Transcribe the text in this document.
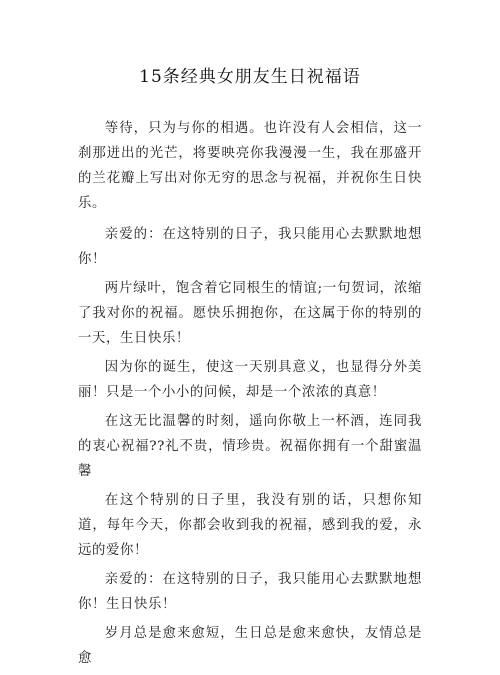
15条经典女朋友生日祝福语

等待，只为与你的相遇。也许没有人会相信，这一刹那迸出的光芒，将要映亮你我漫漫一生，我在那盛开的兰花瓣上写出对你无穷的思念与祝福，并祝你生日快乐。

亲爱的：在这特别的日子，我只能用心去默默地想你！

两片绿叶，饱含着它同根生的情谊;一句贺词，浓缩了我对你的祝福。愿快乐拥抱你，在这属于你的特别的一天，生日快乐！

因为你的诞生，使这一天别具意义，也显得分外美丽！只是一个小小的问候，却是一个浓浓的真意！

在这无比温馨的时刻，遥向你敬上一杯酒，连同我的衷心祝福??礼不贵，情珍贵。祝福你拥有一个甜蜜温馨

在这个特别的日子里，我没有别的话，只想你知道，每年今天，你都会收到我的祝福，感到我的爱，永远的爱你！

亲爱的：在这特别的日子，我只能用心去默默地想你！生日快乐！

岁月总是愈来愈短，生日总是愈来愈快，友情总是愈
